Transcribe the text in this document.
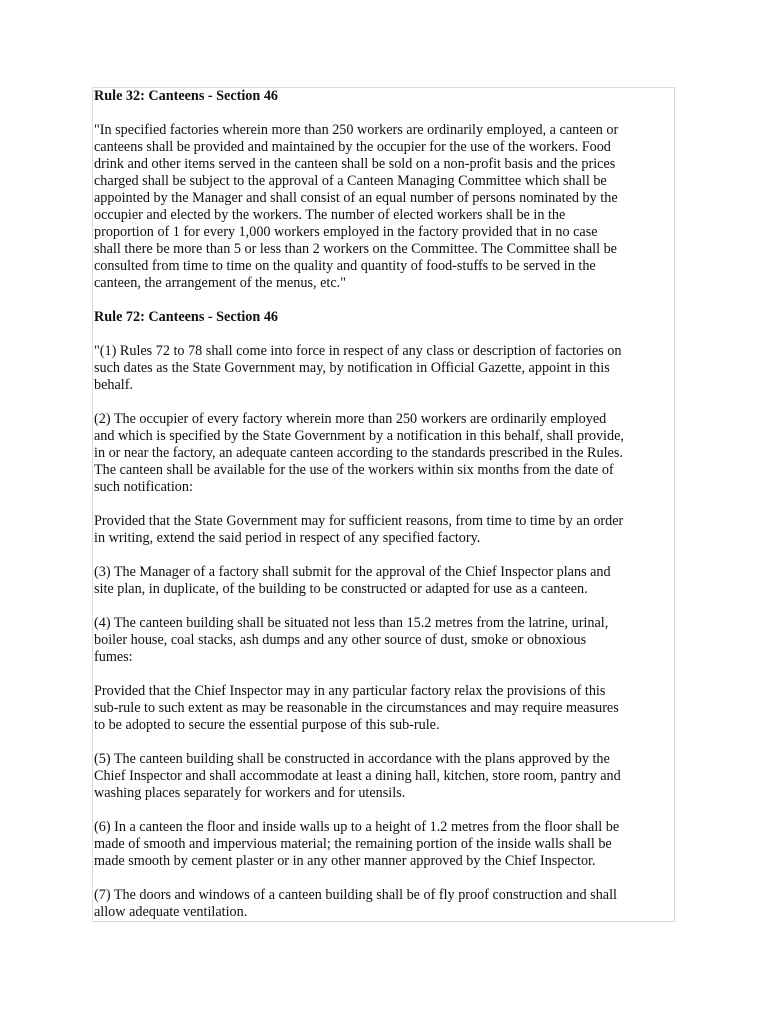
Rule 32: Canteens - Section 46

"In specified factories wherein more than 250 workers are ordinarily employed, a canteen or
canteens shall be provided and maintained by the occupier for the use of the workers. Food
drink and other items served in the canteen shall be sold on a non-profit basis and the prices
charged shall be subject to the approval of a Canteen Managing Committee which shall be
appointed by the Manager and shall consist of an equal number of persons nominated by the
occupier and elected by the workers. The number of elected workers shall be in the
proportion of 1 for every 1,000 workers employed in the factory provided that in no case
shall there be more than 5 or less than 2 workers on the Committee. The Committee shall be
consulted from time to time on the quality and quantity of food-stuffs to be served in the
canteen, the arrangement of the menus, etc."

Rule 72: Canteens - Section 46

"(1) Rules 72 to 78 shall come into force in respect of any class or description of factories on
such dates as the State Government may, by notification in Official Gazette, appoint in this
behalf.

(2) The occupier of every factory wherein more than 250 workers are ordinarily employed
and which is specified by the State Government by a notification in this behalf, shall provide,
in or near the factory, an adequate canteen according to the standards prescribed in the Rules.
The canteen shall be available for the use of the workers within six months from the date of
such notification:

Provided that the State Government may for sufficient reasons, from time to time by an order
in writing, extend the said period in respect of any specified factory.

(3) The Manager of a factory shall submit for the approval of the Chief Inspector plans and
site plan, in duplicate, of the building to be constructed or adapted for use as a canteen.

(4) The canteen building shall be situated not less than 15.2 metres from the latrine, urinal,
boiler house, coal stacks, ash dumps and any other source of dust, smoke or obnoxious
fumes:

Provided that the Chief Inspector may in any particular factory relax the provisions of this
sub-rule to such extent as may be reasonable in the circumstances and may require measures
to be adopted to secure the essential purpose of this sub-rule.

(5) The canteen building shall be constructed in accordance with the plans approved by the
Chief Inspector and shall accommodate at least a dining hall, kitchen, store room, pantry and
washing places separately for workers and for utensils.

(6) In a canteen the floor and inside walls up to a height of 1.2 metres from the floor shall be
made of smooth and impervious material; the remaining portion of the inside walls shall be
made smooth by cement plaster or in any other manner approved by the Chief Inspector.

(7) The doors and windows of a canteen building shall be of fly proof construction and shall
allow adequate ventilation.
